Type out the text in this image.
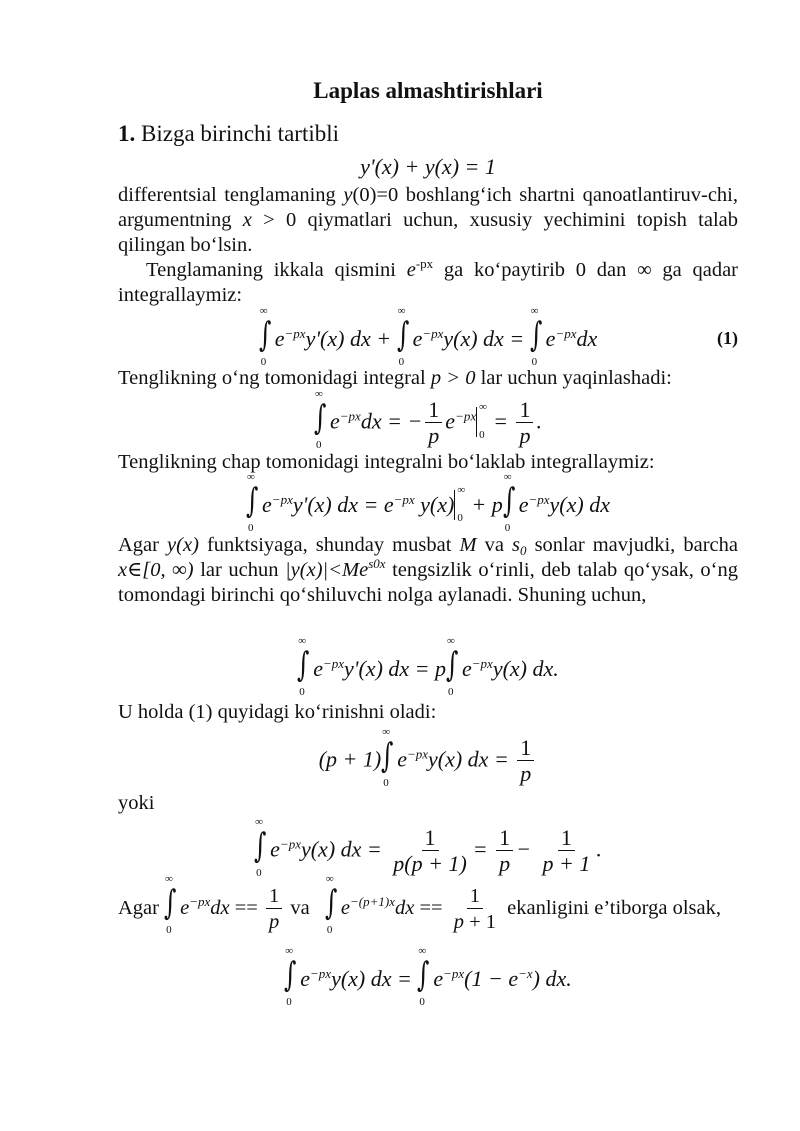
Laplas almashtirishlari
1. Bizga birinchi tartibli
y'(x) + y(x) = 1
differentsial tenglamaning y(0)=0 boshlang‘ich shartni qanoatlantiruv-chi, argumentning x > 0 qiymatlari uchun, xususiy yechimini topish talab qilingan bo‘lsin.
Tenglamaning ikkala qismini $e^{-px}$ ga ko‘paytirib 0 dan ∞ ga qadar integrallaymiz:
∫
∞
0
$e^{-px}y'(x)$ dx + ∫
∞
0
$e^{-px}y(x)$ dx = ∫
∞
0
$e^{-px}dx$	(1)
Tenglikning o‘ng tomonidagi integral p > 0 lar uchun yaqinlashadi:
∫
∞
0
$e^{-px}dx$ = − $\frac{1}{p} e^{-px}$
∞
0
= $\frac{1}{p}$ .
Tenglikning chap tomonidagi integralni bo‘laklab integrallaymiz:
∫
∞
0
$e^{-px}y'(x)$ dx = $e^{-px}$ y(x)
∞
0
+ p ∫
∞
0
$e^{-px}y(x)$ dx
Agar y(x) funktsiyaga, shunday musbat M va $s_0$ sonlar mavjudki, barcha x∈[0, ∞) lar uchun $|y(x)|<Me^{s0x}$ tengsizlik o‘rinli, deb talab qo‘ysak, o‘ng tomondagi birinchi qo‘shiluvchi nolga aylanadi. Shuning uchun,
∫
∞
0
$e^{-px}y'(x)$ dx = p ∫
∞
0
$e^{-px}y(x)$ dx.
U holda (1) quyidagi ko‘rinishni oladi:
(p + 1) ∫
∞
0
$e^{-px}y(x)$ dx = $\frac{1}{p}$
yoki
∫
∞
0
$e^{-px}y(x)$ dx = $\frac{1}{p(p + 1)} = \frac{1}{p} - \frac{1}{p + 1}$ .
Agar ∫
∞
0
$e^{-px}dx == \frac{1}{p}$ va ∫
∞
0
$e^{-(p+1)x}dx == \frac{1}{p + 1}$ ekanligini e’tiborga olsak,
∫
∞
0
$e^{-px}y(x)$ dx = ∫
∞
0
$e^{-px}(1 - e^{-x})$ dx.
